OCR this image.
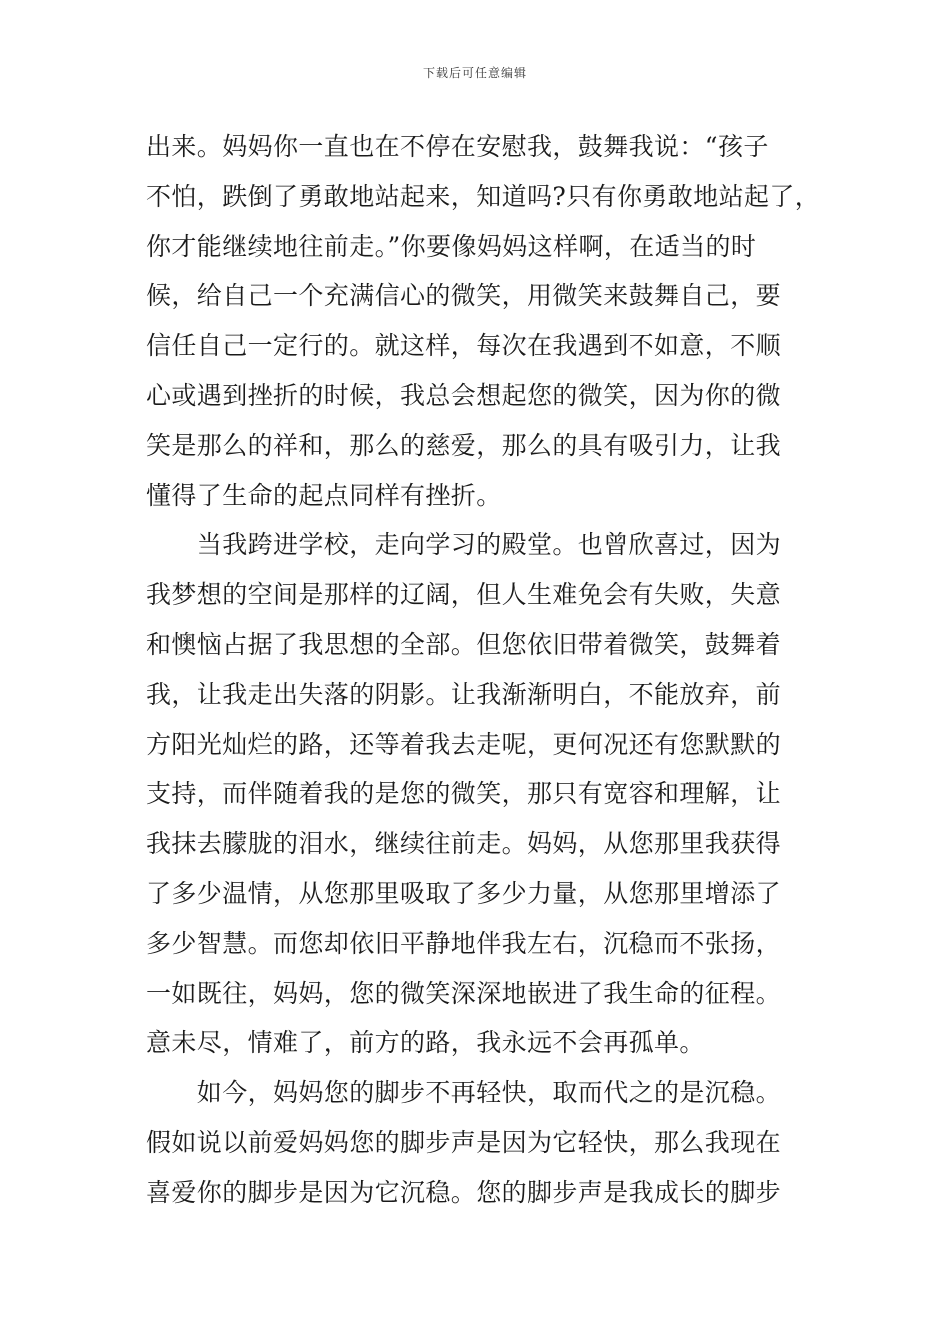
下载后可任意编辑
出来。妈妈你一直也在不停在安慰我，鼓舞我说：“孩子
不怕，跌倒了勇敢地站起来，知道吗?只有你勇敢地站起了，
你才能继续地往前走。”你要像妈妈这样啊，在适当的时
候，给自己一个充满信心的微笑，用微笑来鼓舞自己，要
信任自己一定行的。就这样，每次在我遇到不如意，不顺
心或遇到挫折的时候，我总会想起您的微笑，因为你的微
笑是那么的祥和，那么的慈爱，那么的具有吸引力，让我
懂得了生命的起点同样有挫折。
　　当我跨进学校，走向学习的殿堂。也曾欣喜过，因为
我梦想的空间是那样的辽阔，但人生难免会有失败，失意
和懊恼占据了我思想的全部。但您依旧带着微笑，鼓舞着
我，让我走出失落的阴影。让我渐渐明白，不能放弃，前
方阳光灿烂的路，还等着我去走呢，更何况还有您默默的
支持，而伴随着我的是您的微笑，那只有宽容和理解，让
我抹去朦胧的泪水，继续往前走。妈妈，从您那里我获得
了多少温情，从您那里吸取了多少力量，从您那里增添了
多少智慧。而您却依旧平静地伴我左右，沉稳而不张扬，
一如既往，妈妈，您的微笑深深地嵌进了我生命的征程。
意未尽，情难了，前方的路，我永远不会再孤单。
　　如今，妈妈您的脚步不再轻快，取而代之的是沉稳。
假如说以前爱妈妈您的脚步声是因为它轻快，那么我现在
喜爱你的脚步是因为它沉稳。您的脚步声是我成长的脚步
